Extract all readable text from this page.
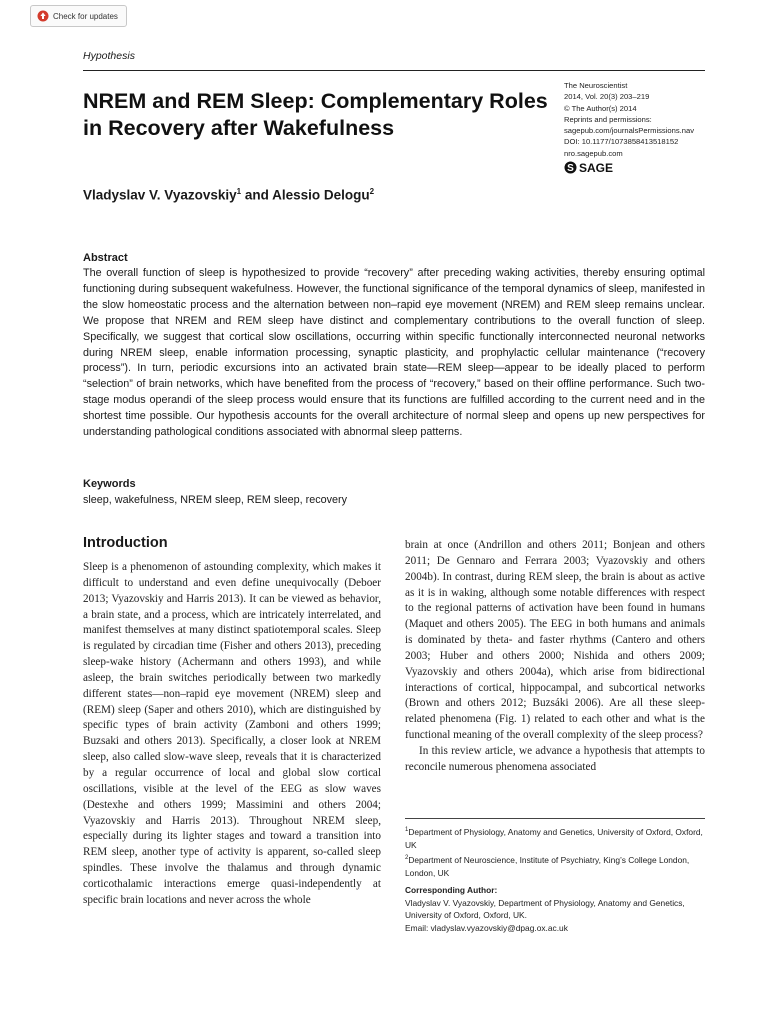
Check for updates
Hypothesis
NREM and REM Sleep: Complementary Roles in Recovery after Wakefulness
The Neuroscientist
2014, Vol. 20(3) 203–219
© The Author(s) 2014
Reprints and permissions:
sagepub.com/journalsPermissions.nav
DOI: 10.1177/1073858413518152
nro.sagepub.com
S SAGE
Vladyslav V. Vyazovskiy$^1$ and Alessio Delogu$^2$
Abstract

The overall function of sleep is hypothesized to provide “recovery” after preceding waking activities, thereby ensuring optimal functioning during subsequent wakefulness. However, the functional significance of the temporal dynamics of sleep, manifested in the slow homeostatic process and the alternation between non–rapid eye movement (NREM) and REM sleep remains unclear. We propose that NREM and REM sleep have distinct and complementary contributions to the overall function of sleep. Specifically, we suggest that cortical slow oscillations, occurring within specific functionally interconnected neuronal networks during NREM sleep, enable information processing, synaptic plasticity, and prophylactic cellular maintenance (“recovery process”). In turn, periodic excursions into an activated brain state—REM sleep—appear to be ideally placed to perform “selection” of brain networks, which have benefited from the process of “recovery,” based on their offline performance. Such two-stage modus operandi of the sleep process would ensure that its functions are fulfilled according to the current need and in the shortest time possible. Our hypothesis accounts for the overall architecture of normal sleep and opens up new perspectives for understanding pathological conditions associated with abnormal sleep patterns.

Keywords
sleep, wakefulness, NREM sleep, REM sleep, recovery
Introduction

Sleep is a phenomenon of astounding complexity, which makes it difficult to understand and even define unequivocally (Deboer 2013; Vyazovskiy and Harris 2013). It can be viewed as behavior, a brain state, and a process, which are intricately interrelated, and manifest themselves at many distinct spatiotemporal scales. Sleep is regulated by circadian time (Fisher and others 2013), preceding sleep-wake history (Achermann and others 1993), and while asleep, the brain switches periodically between two markedly different states—non–rapid eye movement (NREM) sleep and (REM) sleep (Saper and others 2010), which are distinguished by specific types of brain activity (Zamboni and others 1999; Buzsaki and others 2013). Specifically, a closer look at NREM sleep, also called slow-wave sleep, reveals that it is characterized by a regular occurrence of local and global slow cortical oscillations, visible at the level of the EEG as slow waves (Destexhe and others 1999; Massimini and others 2004; Vyazovskiy and Harris 2013). Throughout NREM sleep, especially during its lighter stages and toward a transition into REM sleep, another type of activity is apparent, so-called sleep spindles. These involve the thalamus and through dynamic corticothalamic interactions emerge quasi-independently at specific brain locations and never across the whole

brain at once (Andrillon and others 2011; Bonjean and others 2011; De Gennaro and Ferrara 2003; Vyazovskiy and others 2004b). In contrast, during REM sleep, the brain is about as active as it is in waking, although some notable differences with respect to the regional patterns of activation have been found in humans (Maquet and others 2005). The EEG in both humans and animals is dominated by theta- and faster rhythms (Cantero and others 2003; Huber and others 2000; Nishida and others 2009; Vyazovskiy and others 2004a), which arise from bidirectional interactions of cortical, hippocampal, and subcortical networks (Brown and others 2012; Buzsáki 2006). Are all these sleep-related phenomena (Fig. 1) related to each other and what is the functional meaning of the overall complexity of the sleep process?

In this review article, we advance a hypothesis that attempts to reconcile numerous phenomena associated

$^1$Department of Physiology, Anatomy and Genetics, University of Oxford, Oxford, UK
$^2$Department of Neuroscience, Institute of Psychiatry, King’s College London, London, UK
Corresponding Author:
Vladyslav V. Vyazovskiy, Department of Physiology, Anatomy and Genetics, University of Oxford, Oxford, UK.
Email: vladyslav.vyazovskiy@dpag.ox.ac.uk
